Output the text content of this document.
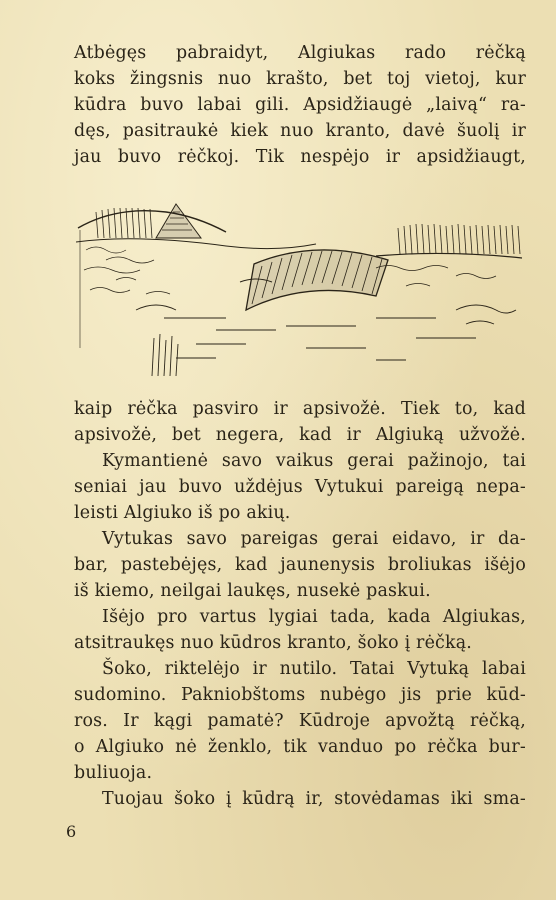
Atbėgęs pabraidyt, Algiukas rado rėčką
koks žingsnis nuo krašto, bet toj vietoj, kur
kūdra buvo labai gili. Apsidžiaugė „laivą“ ra-
dęs, pasitraukė kiek nuo kranto, davė šuolį ir
jau buvo rėčkoj. Tik nespėjo ir apsidžiaugt,
kaip rėčka pasviro ir apsivožė. Tiek to, kad
apsivožė, bet negera, kad ir Algiuką užvožė.
Kymantienė savo vaikus gerai pažinojo, tai
seniai jau buvo uždėjus Vytukui pareigą nepa-
leisti Algiuko iš po akių.
Vytukas savo pareigas gerai eidavo, ir da-
bar, pastebėjęs, kad jaunenysis broliukas išėjo
iš kiemo, neilgai laukęs, nusekė paskui.
Išėjo pro vartus lygiai tada, kada Algiukas,
atsitraukęs nuo kūdros kranto, šoko į rėčką.
Šoko, riktelėjo ir nutilo. Tatai Vytuką labai
sudomino. Pakniobštoms nubėgo jis prie kūd-
ros. Ir kągi pamatė? Kūdroje apvožtą rėčką,
o Algiuko nė ženklo, tik vanduo po rėčka bur-
buliuoja.
Tuojau šoko į kūdrą ir, stovėdamas iki sma-
6
